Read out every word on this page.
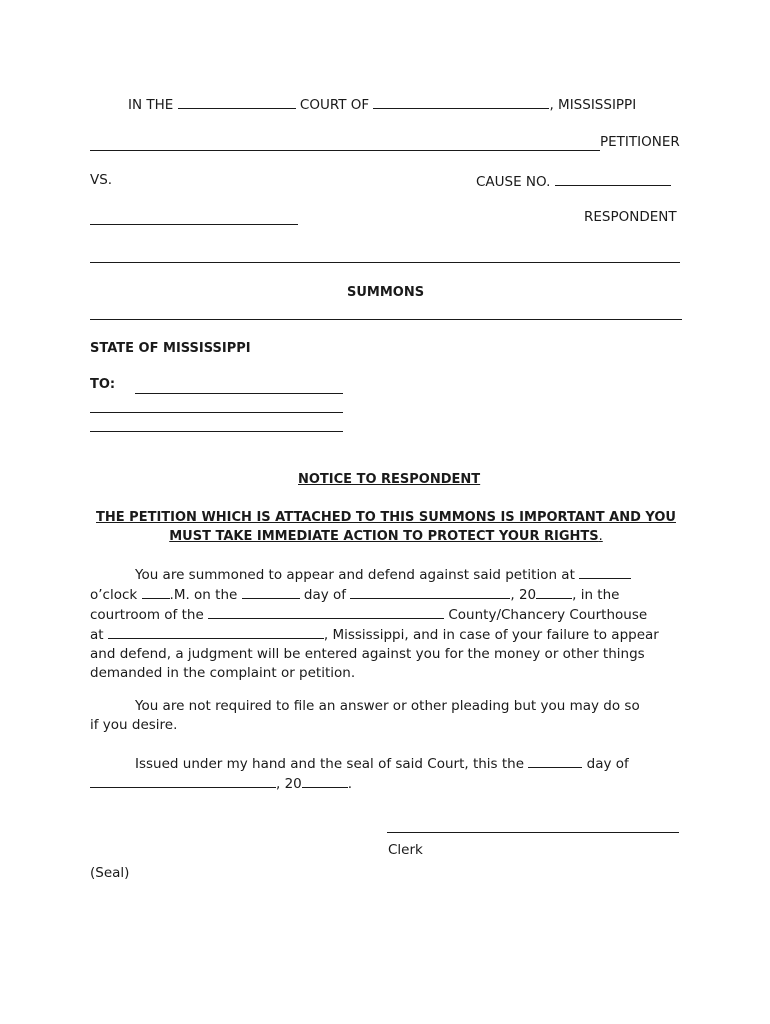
IN THE	COURT OF	, MISSISSIPPI
PETITIONER
VS.	CAUSE NO.
RESPONDENT
SUMMONS
STATE OF MISSISSIPPI
TO:
NOTICE TO RESPONDENT
THE PETITION WHICH IS ATTACHED TO THIS SUMMONS IS IMPORTANT AND YOU
MUST TAKE IMMEDIATE ACTION TO PROTECT YOUR RIGHTS.

You are summoned to appear and defend against said petition at

o’clock .M. on the	day of	, 20	, in the

courtroom of the	County/Chancery Courthouse

at	, Mississippi, and in case of your failure to appear

and defend, a judgment will be entered against you for the money or other things

demanded in the complaint or petition.

You are not required to file an answer or other pleading but you may do so

if you desire.

Issued under my hand and the seal of said Court, this the	day of

, 20	.

Clerk
(Seal)
